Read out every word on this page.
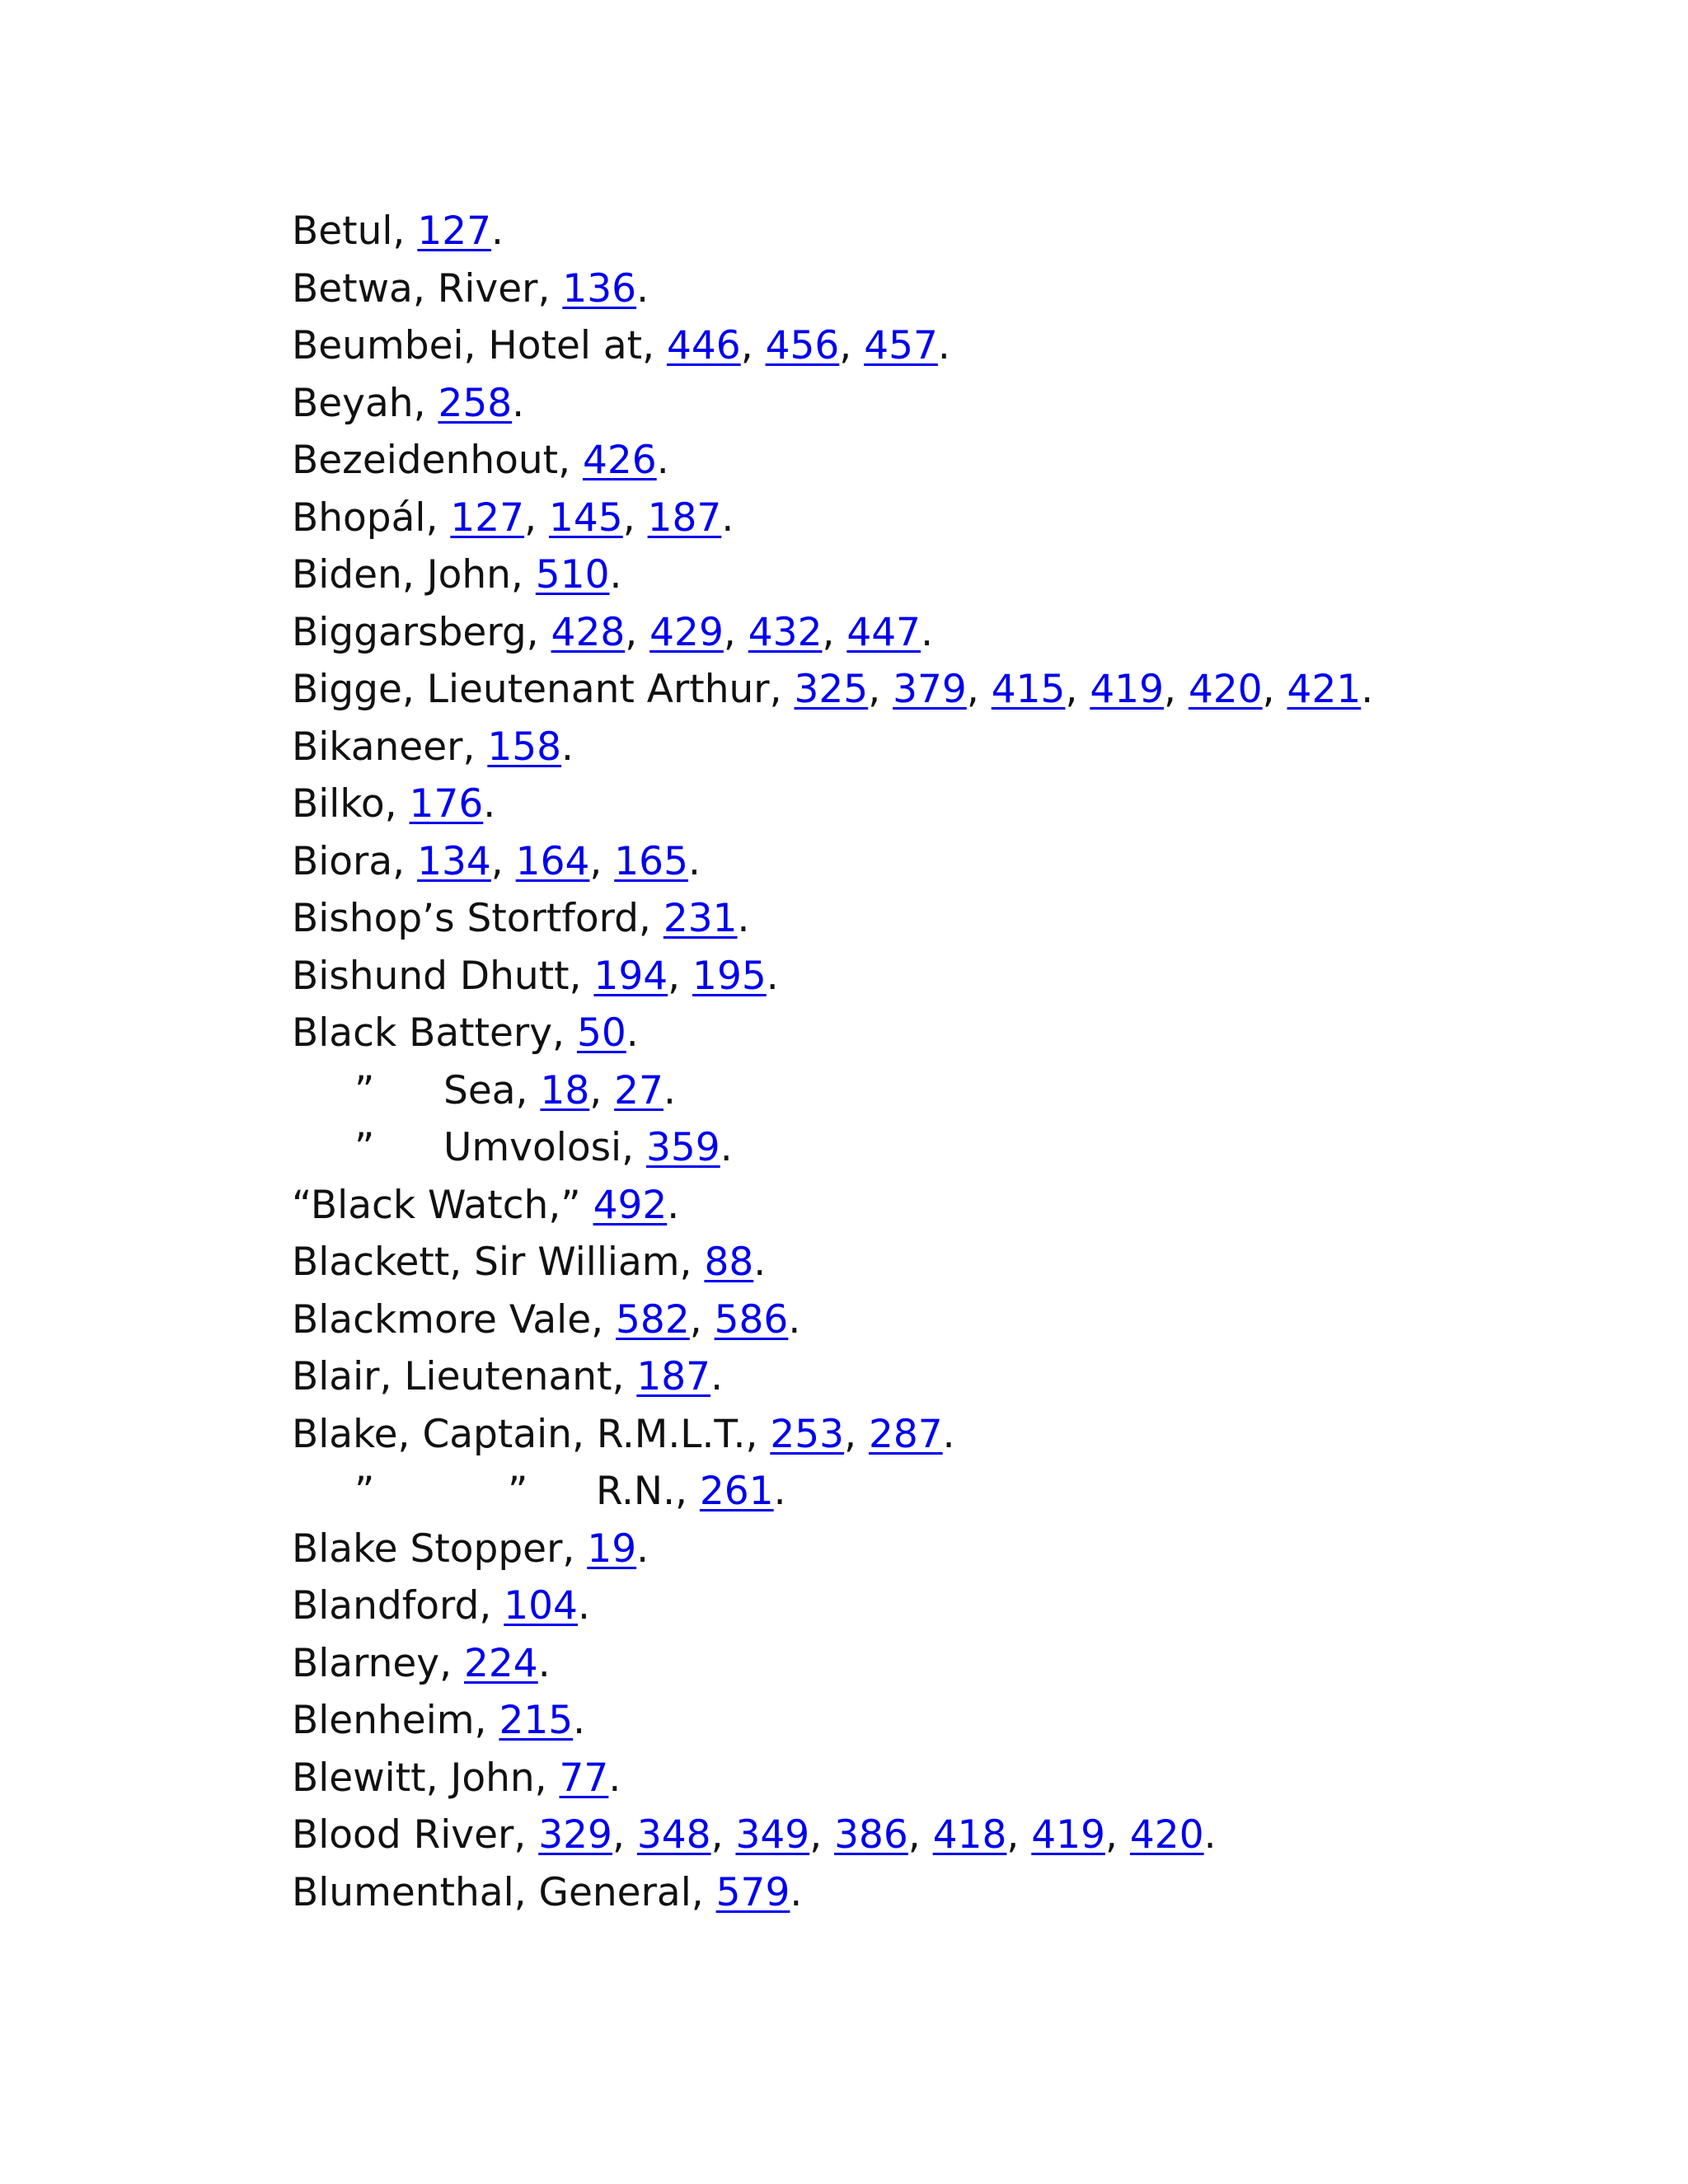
Betul, 127.
Betwa, River, 136.
Beumbei, Hotel at, 446, 456, 457.
Beyah, 258.
Bezeidenhout, 426.
Bhopál, 127, 145, 187.
Biden, John, 510.
Biggarsberg, 428, 429, 432, 447.
Bigge, Lieutenant Arthur, 325, 379, 415, 419, 420, 421.
Bikaneer, 158.
Bilko, 176.
Biora, 134, 164, 165.
Bishop’s Stortford, 231.
Bishund Dhutt, 194, 195.
Black Battery, 50.
” Sea, 18, 27.
” Umvolosi, 359.
“Black Watch,” 492.
Blackett, Sir William, 88.
Blackmore Vale, 582, 586.
Blair, Lieutenant, 187.
Blake, Captain, R.M.L.T., 253, 287.
”	” R.N., 261.
Blake Stopper, 19.
Blandford, 104.
Blarney, 224.
Blenheim, 215.
Blewitt, John, 77.
Blood River, 329, 348, 349, 386, 418, 419, 420.
Blumenthal, General, 579.
